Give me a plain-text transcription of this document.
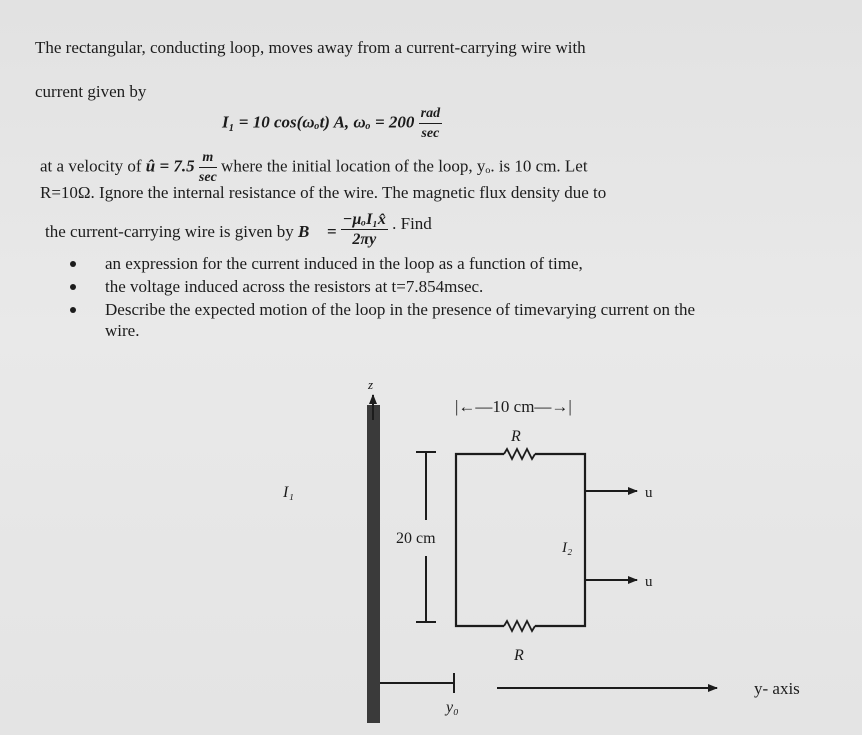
The rectangular, conducting loop, moves away from a current-carrying wire with
current given by
I₁ = 10 cos(ωₒt) A, $\omega_o = 200 \frac{\text{rad}}{\sec}$
at a velocity of û = $7.5 \frac{m}{\sec}$ where the initial location of the loop, yₒ. is 10 cm. Let
R=10Ω. Ignore the internal resistance of the wire. The magnetic flux density due to
the current-carrying wire is given by B⃗ = $\frac{\text{−μₒI₁x̂}}{2\pi y}$ . Find
an expression for the current induced in the loop as a function of time,
the voltage induced across the resistors at t=7.854msec.
Describe the expected motion of the loop in the presence of timevarying current on the wire.
z
I₁
|←—10 cm—→|
20 cm
R
R
I₂
u
u
y₀
y- axis
